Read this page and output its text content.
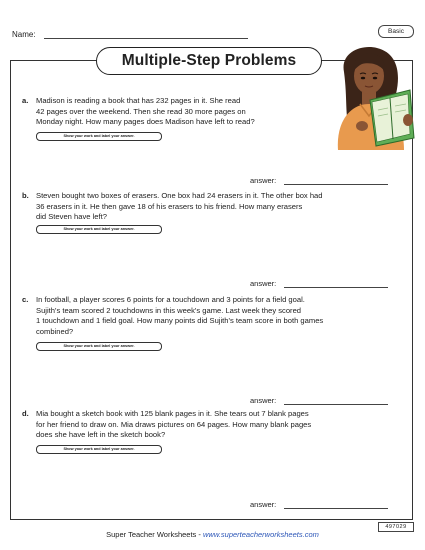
Name:	Basic
Multiple-Step Problems
a. Madison is reading a book that has 232 pages in it. She read
42 pages over the weekend. Then she read 30 more pages on
Monday night. How many pages does Madison have left to read?
Show your work and label your answer.
answer:
b. Steven bought two boxes of erasers. One box had 24 erasers in it. The other box had
36 erasers in it. He then gave 18 of his erasers to his friend. How many erasers
did Steven have left?
Show your work and label your answer.
answer:
c. In football, a player scores 6 points for a touchdown and 3 points for a field goal.
Sujith's team scored 2 touchdowns in this week's game. Last week they scored
1 touchdown and 1 field goal. How many points did Sujith's team score in both games
combined?
Show your work and label your answer.
answer:
d. Mia bought a sketch book with 125 blank pages in it. She tears out 7 blank pages
for her friend to draw on. Mia draws pictures on 64 pages. How many blank pages
does she have left in the sketch book?
Show your work and label your answer.
answer:
497029
Super Teacher Worksheets - www.superteacherworksheets.com
